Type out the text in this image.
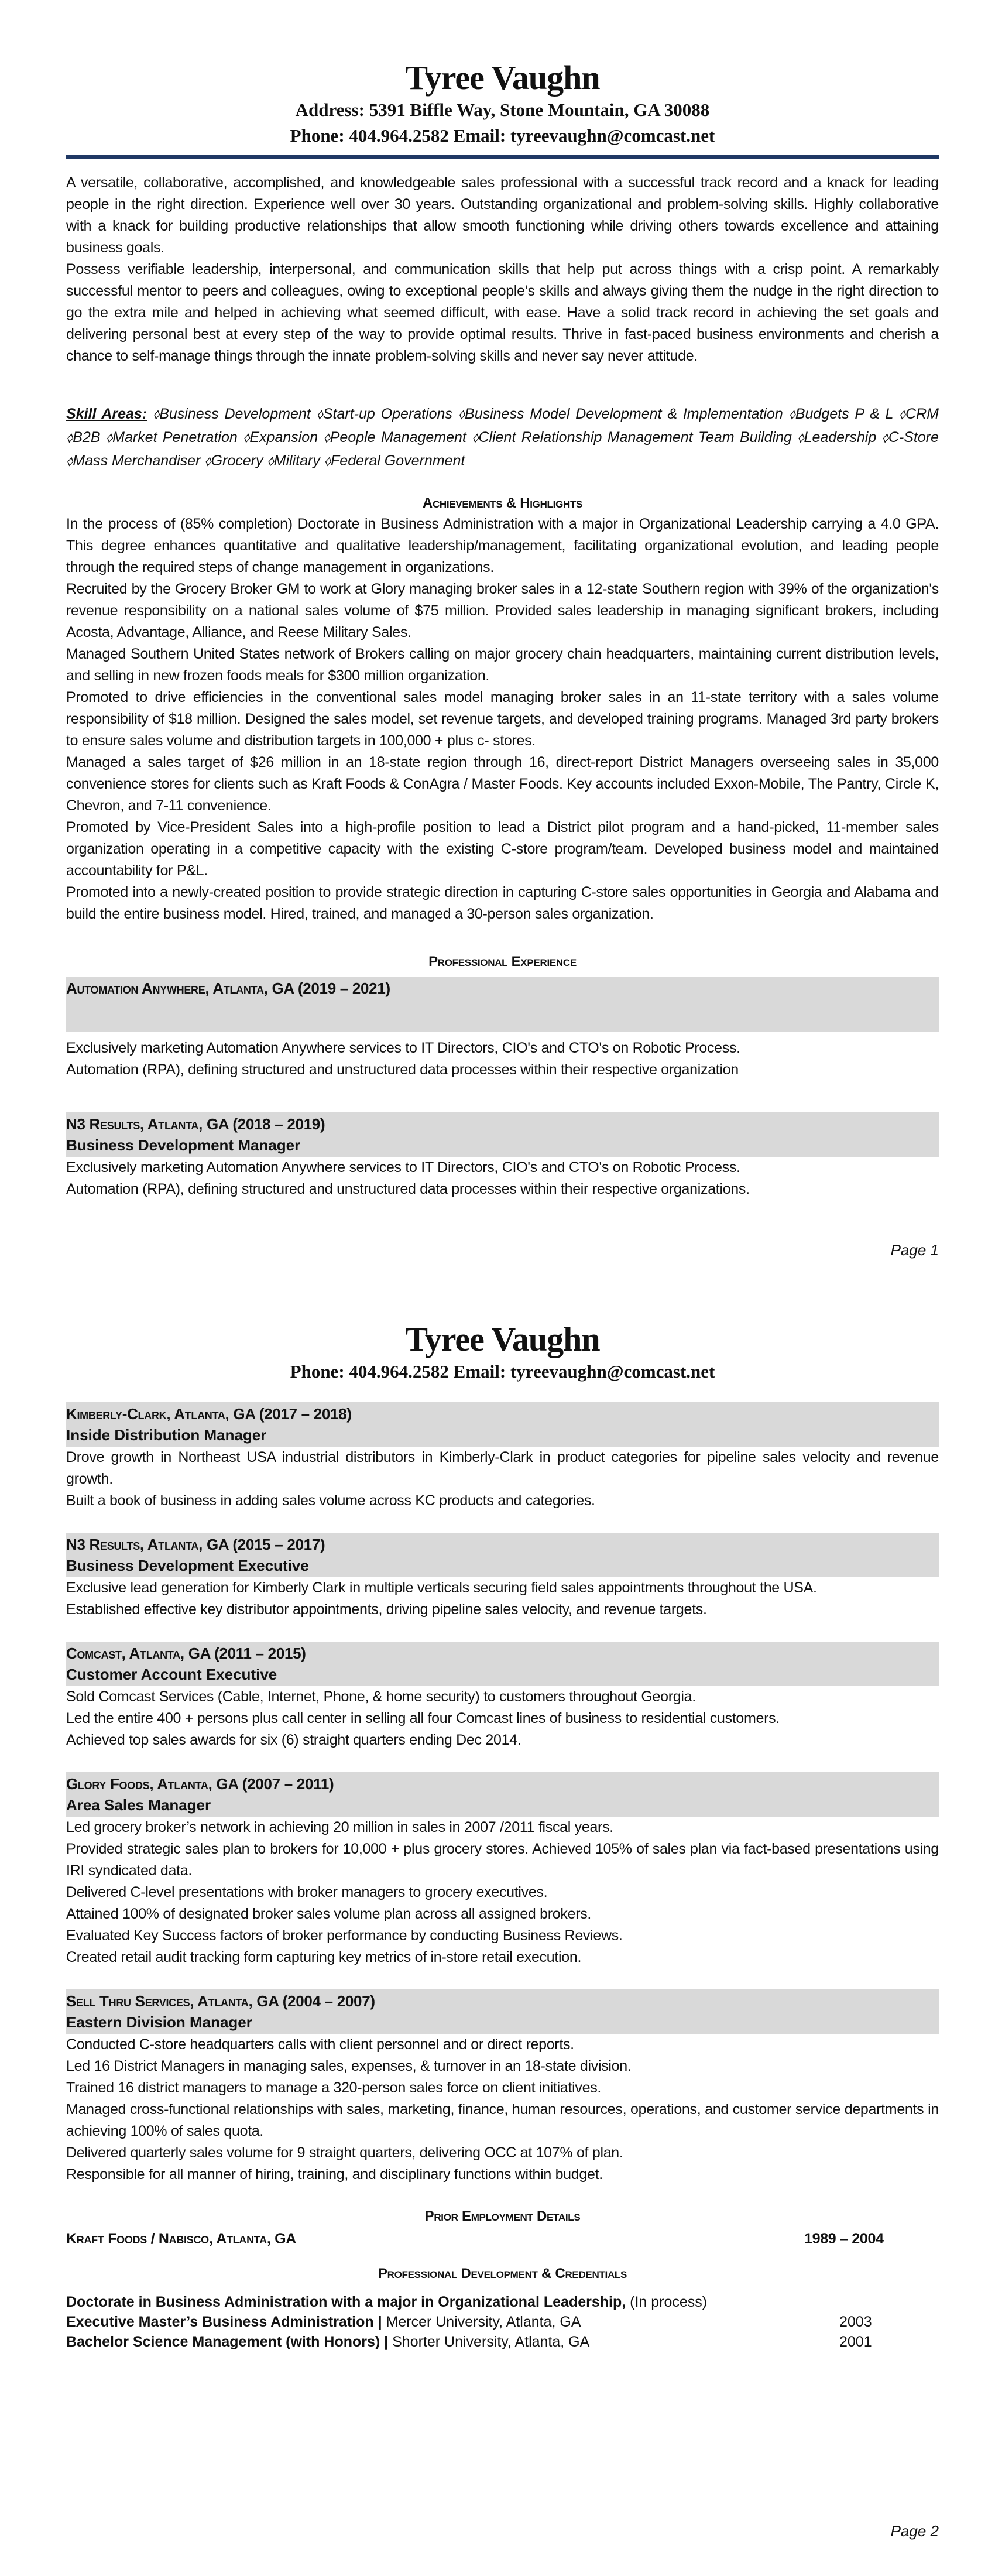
Tyree Vaughn
Address: 5391 Biffle Way, Stone Mountain, GA 30088
Phone: 404.964.2582 Email: tyreevaughn@comcast.net

A versatile, collaborative, accomplished, and knowledgeable sales professional with a successful track record and a knack for leading people in the right direction. Experience well over 30 years. Outstanding organizational and problem-solving skills. Highly collaborative with a knack for building productive relationships that allow smooth functioning while driving others towards excellence and attaining business goals.

Possess verifiable leadership, interpersonal, and communication skills that help put across things with a crisp point. A remarkably successful mentor to peers and colleagues, owing to exceptional people’s skills and always giving them the nudge in the right direction to go the extra mile and helped in achieving what seemed difficult, with ease. Have a solid track record in achieving the set goals and delivering personal best at every step of the way to provide optimal results. Thrive in fast-paced business environments and cherish a chance to self-manage things through the innate problem-solving skills and never say never attitude.

Skill Areas: ⬨Business Development ⬨Start-up Operations ⬨Business Model Development & Implementation ⬨Budgets P & L ⬨CRM ⬨B2B ⬨Market Penetration ⬨Expansion ⬨People Management ⬨Client Relationship Management Team Building ⬨Leadership ⬨C-Store ⬨Mass Merchandiser ⬨Grocery ⬨Military ⬨Federal Government

Achievements & Highlights

In the process of (85% completion) Doctorate in Business Administration with a major in Organizational Leadership carrying a 4.0 GPA. This degree enhances quantitative and qualitative leadership/management, facilitating organizational evolution, and leading people through the required steps of change management in organizations.

Recruited by the Grocery Broker GM to work at Glory managing broker sales in a 12-state Southern region with 39% of the organization's revenue responsibility on a national sales volume of $75 million. Provided sales leadership in managing significant brokers, including Acosta, Advantage, Alliance, and Reese Military Sales.

Managed Southern United States network of Brokers calling on major grocery chain headquarters, maintaining current distribution levels, and selling in new frozen foods meals for $300 million organization.

Promoted to drive efficiencies in the conventional sales model managing broker sales in an 11-state territory with a sales volume responsibility of $18 million. Designed the sales model, set revenue targets, and developed training programs. Managed 3rd party brokers to ensure sales volume and distribution targets in 100,000 + plus c- stores.

Managed a sales target of $26 million in an 18-state region through 16, direct-report District Managers overseeing sales in 35,000 convenience stores for clients such as Kraft Foods & ConAgra / Master Foods. Key accounts included Exxon-Mobile, The Pantry, Circle K, Chevron, and 7-11 convenience.

Promoted by Vice-President Sales into a high-profile position to lead a District pilot program and a hand-picked, 11-member sales organization operating in a competitive capacity with the existing C-store program/team. Developed business model and maintained accountability for P&L.

Promoted into a newly-created position to provide strategic direction in capturing C-store sales opportunities in Georgia and Alabama and build the entire business model. Hired, trained, and managed a 30-person sales organization.

Professional Experience
Automation Anywhere, Atlanta, GA (2019 – 2021)

Exclusively marketing Automation Anywhere services to IT Directors, CIO's and CTO's on Robotic Process.

Automation (RPA), defining structured and unstructured data processes within their respective organization

N3 Results, Atlanta, GA (2018 – 2019)
Business Development Manager

Exclusively marketing Automation Anywhere services to IT Directors, CIO's and CTO's on Robotic Process.

Automation (RPA), defining structured and unstructured data processes within their respective organizations.

Page 1
Tyree Vaughn
Phone: 404.964.2582 Email: tyreevaughn@comcast.net
Kimberly-Clark, Atlanta, GA (2017 – 2018)
Inside Distribution Manager

Drove growth in Northeast USA industrial distributors in Kimberly-Clark in product categories for pipeline sales velocity and revenue growth.

Built a book of business in adding sales volume across KC products and categories.

N3 Results, Atlanta, GA (2015 – 2017)
Business Development Executive

Exclusive lead generation for Kimberly Clark in multiple verticals securing field sales appointments throughout the USA.

Established effective key distributor appointments, driving pipeline sales velocity, and revenue targets.

Comcast, Atlanta, GA (2011 – 2015)
Customer Account Executive

Sold Comcast Services (Cable, Internet, Phone, & home security) to customers throughout Georgia.

Led the entire 400 + persons plus call center in selling all four Comcast lines of business to residential customers.

Achieved top sales awards for six (6) straight quarters ending Dec 2014.

Glory Foods, Atlanta, GA (2007 – 2011)
Area Sales Manager

Led grocery broker’s network in achieving 20 million in sales in 2007 /2011 fiscal years.

Provided strategic sales plan to brokers for 10,000 + plus grocery stores. Achieved 105% of sales plan via fact-based presentations using IRI syndicated data.

Delivered C-level presentations with broker managers to grocery executives.

Attained 100% of designated broker sales volume plan across all assigned brokers.

Evaluated Key Success factors of broker performance by conducting Business Reviews.

Created retail audit tracking form capturing key metrics of in-store retail execution.

Sell Thru Services, Atlanta, GA (2004 – 2007)
Eastern Division Manager

Conducted C-store headquarters calls with client personnel and or direct reports.

Led 16 District Managers in managing sales, expenses, & turnover in an 18-state division.

Trained 16 district managers to manage a 320-person sales force on client initiatives.

Managed cross-functional relationships with sales, marketing, finance, human resources, operations, and customer service departments in achieving 100% of sales quota.

Delivered quarterly sales volume for 9 straight quarters, delivering OCC at 107% of plan.

Responsible for all manner of hiring, training, and disciplinary functions within budget.

Prior Employment Details
Kraft Foods / Nabisco, Atlanta, GA	1989 – 2004
Professional Development & Credentials
Doctorate in Business Administration with a major in Organizational Leadership, (In process)
Executive Master’s Business Administration | Mercer University, Atlanta, GA	2003
Bachelor Science Management (with Honors) | Shorter University, Atlanta, GA	2001
Page 2
